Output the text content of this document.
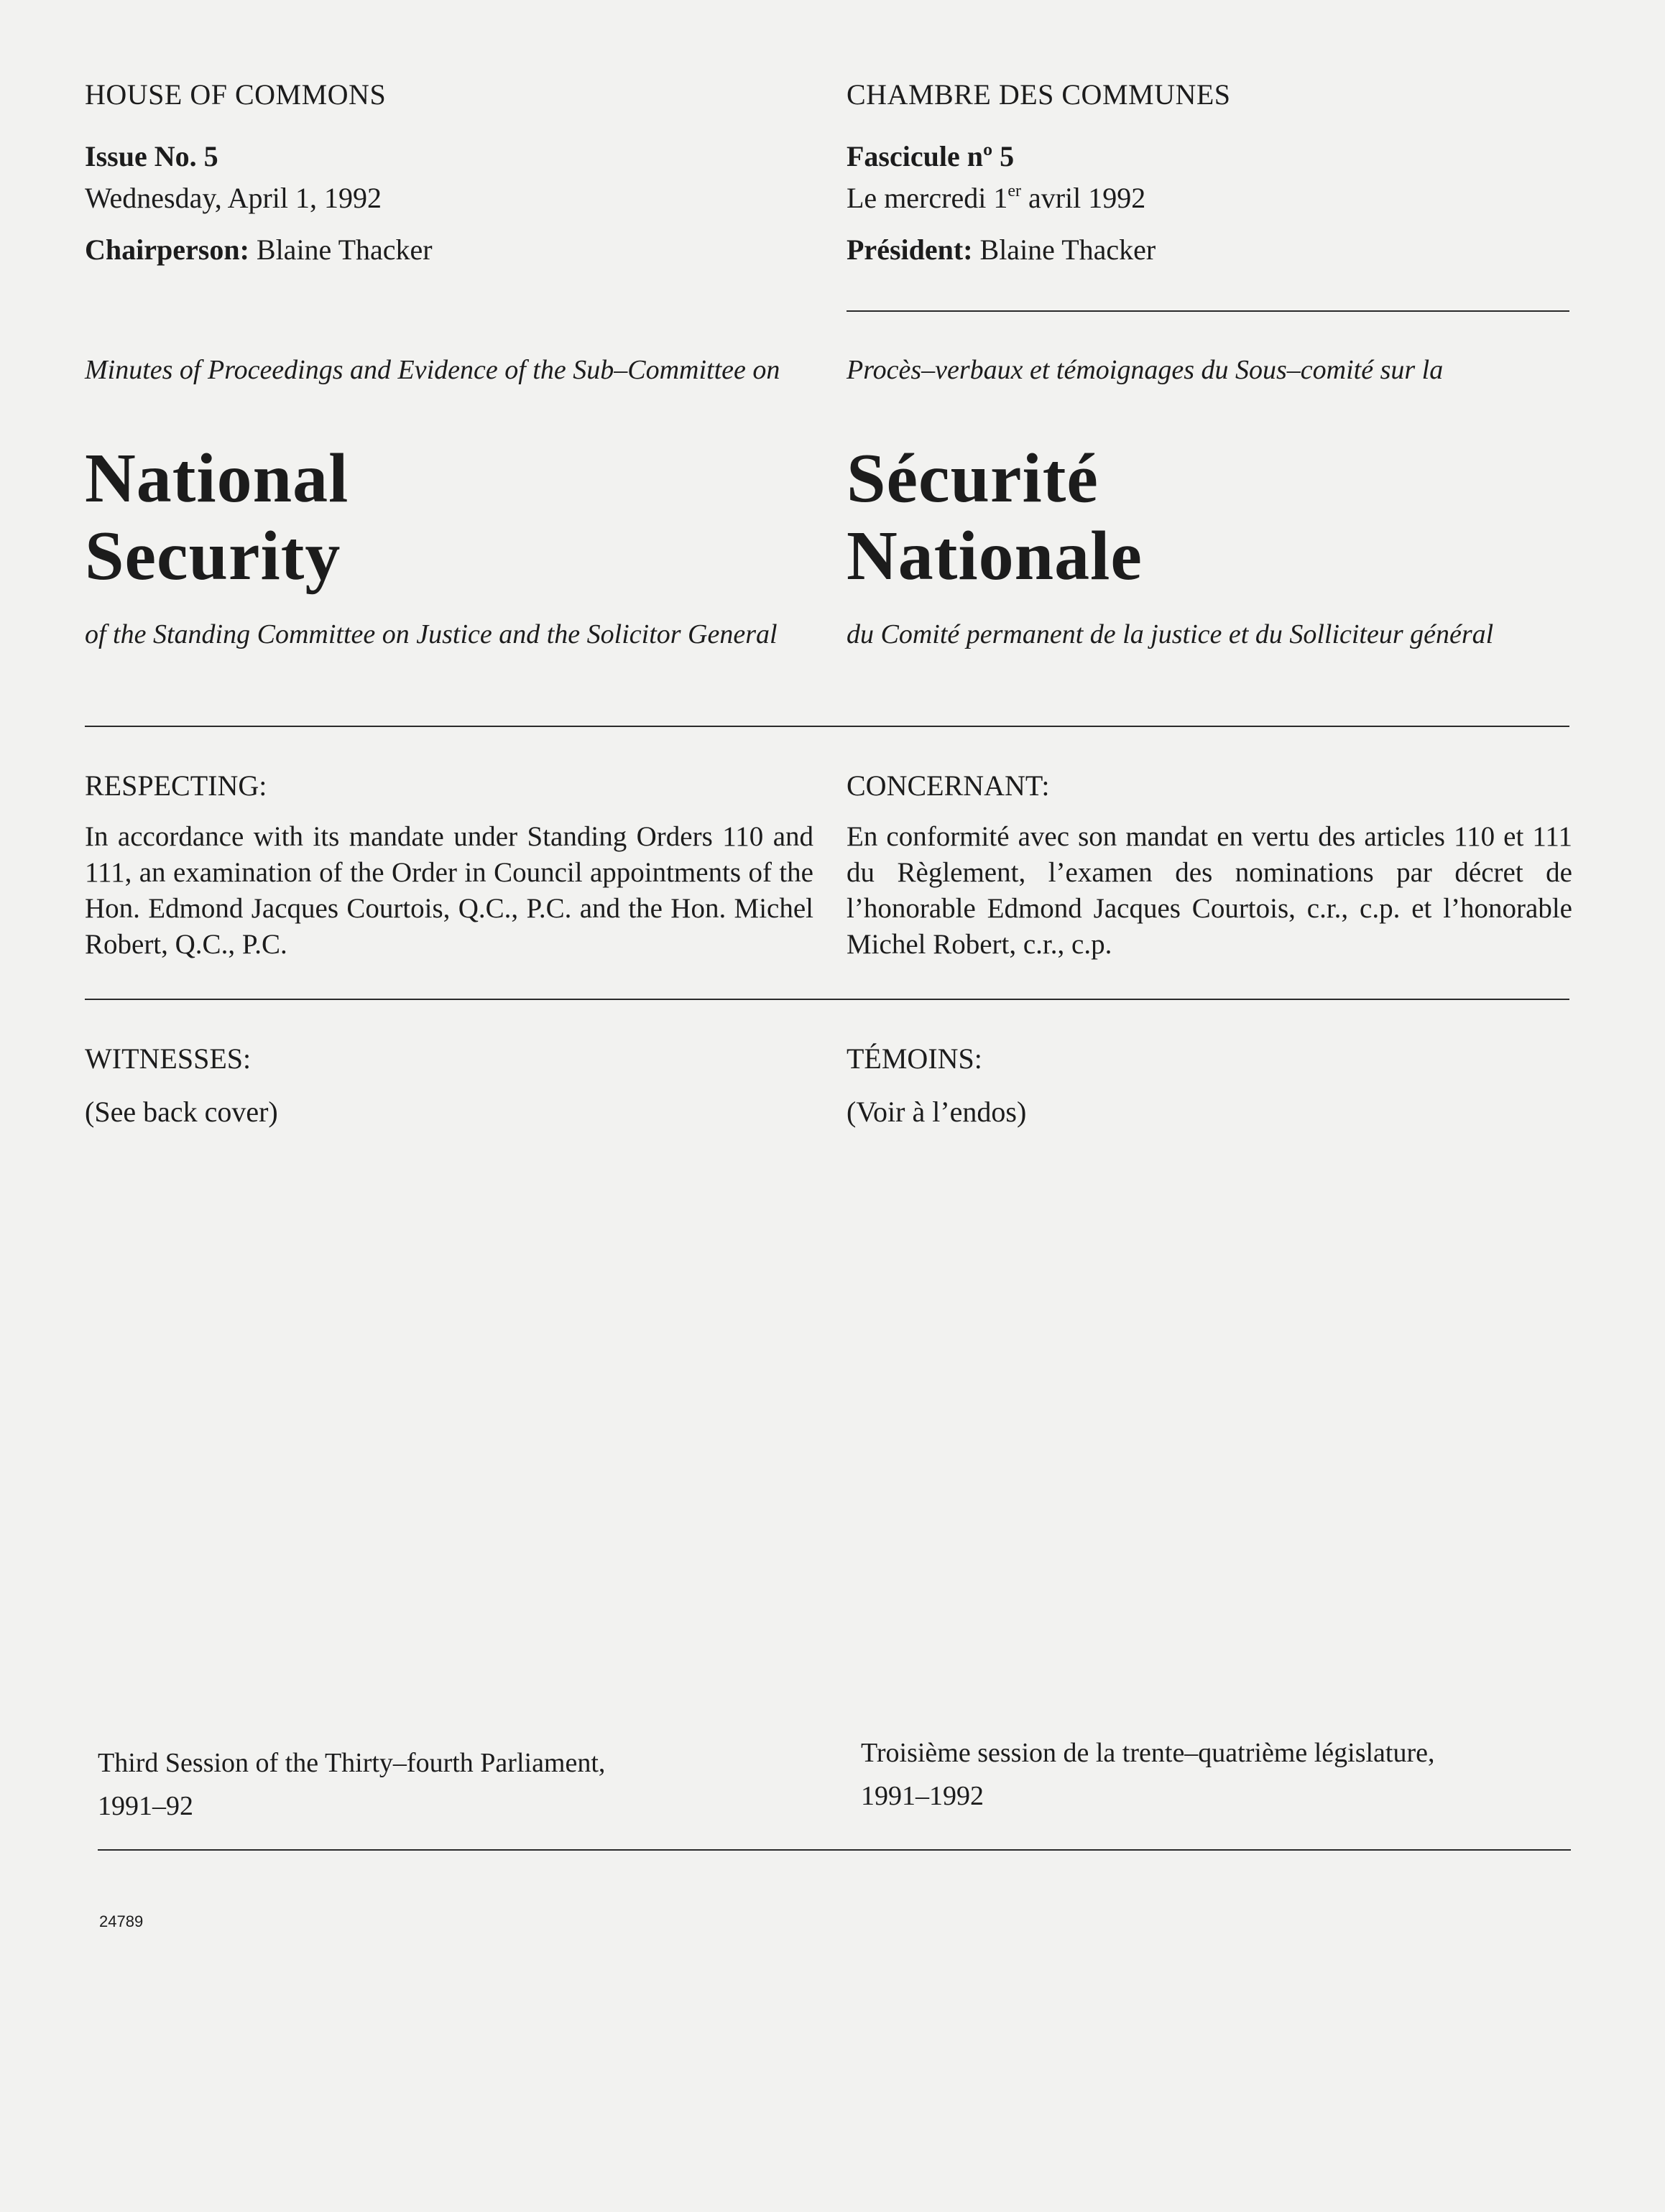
HOUSE OF COMMONS	CHAMBRE DES COMMUNES
Issue No. 5
Wednesday, April 1, 1992
Chairperson: Blaine Thacker
Fascicule nº 5
Le mercredi 1er avril 1992
Président: Blaine Thacker
Minutes of Proceedings and Evidence of the Sub–Committee on	Procès–verbaux et témoignages du Sous–comité sur la
National
Security
Sécurité
Nationale
of the Standing Committee on Justice and the Solicitor General	du Comité permanent de la justice et du Solliciteur général
RESPECTING:
In accordance with its mandate under Standing Orders 110 and 111, an examination of the Order in Council appointments of the Hon. Edmond Jacques Courtois, Q.C., P.C. and the Hon. Michel Robert, Q.C., P.C.
CONCERNANT:
En conformité avec son mandat en vertu des articles 110 et 111 du Règlement, l’examen des nominations par décret de l’honorable Edmond Jacques Courtois, c.r., c.p. et l’honorable Michel Robert, c.r., c.p.
WITNESSES:
(See back cover)
TÉMOINS:
(Voir à l’endos)
Third Session of the Thirty–fourth Parliament,
1991–92
Troisième session de la trente–quatrième législature,
1991–1992
24789
